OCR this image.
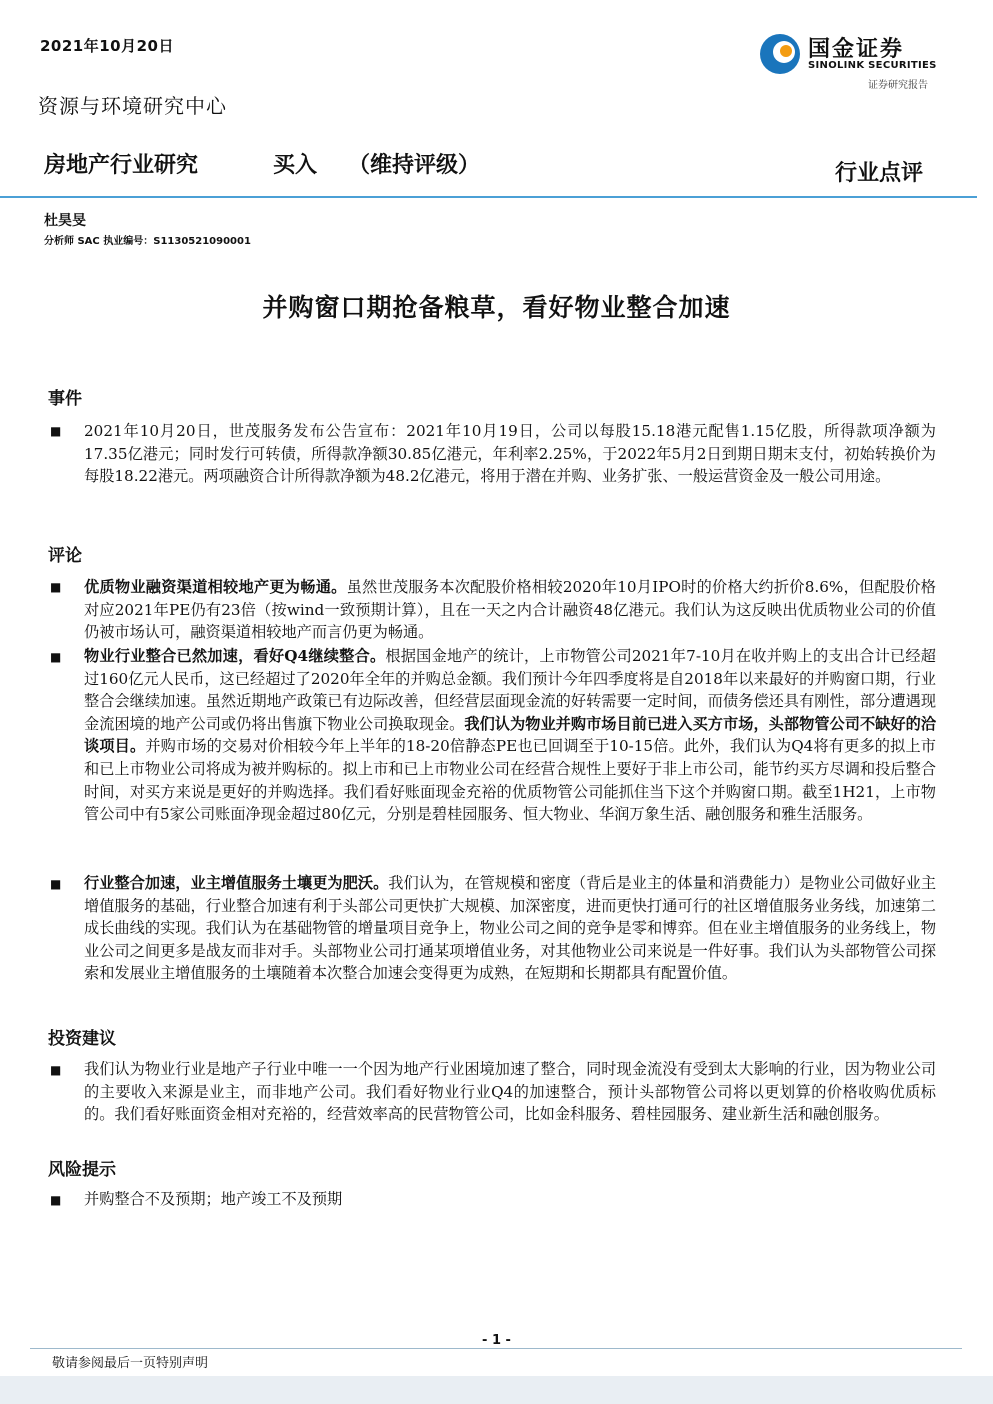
2021年10月20日	国金证券
SINOLINK SECURITIES
证券研究报告
资源与环境研究中心
房地产行业研究	买入 （维持评级）	行业点评
杜昊旻
分析师 SAC 执业编号：S1130521090001
并购窗口期抢备粮草，看好物业整合加速
事件
■ 2021年10月20日，世茂服务发布公告宣布：2021年10月19日，公司以每股15.18港元配售1.15亿股，所得款项净额为17.35亿港元；同时发行可转债，所得款净额30.85亿港元，年利率2.25%，于2022年5月2日到期日期末支付，初始转换价为每股18.22港元。两项融资合计所得款净额为48.2亿港元，将用于潜在并购、业务扩张、一般运营资金及一般公司用途。
评论
■ 优质物业融资渠道相较地产更为畅通。虽然世茂服务本次配股价格相较2020年10月IPO时的价格大约折价8.6%，但配股价格对应2021年PE仍有23倍（按wind一致预期计算），且在一天之内合计融资48亿港元。我们认为这反映出优质物业公司的价值仍被市场认可，融资渠道相较地产而言仍更为畅通。
■ 物业行业整合已然加速，看好Q4继续整合。根据国金地产的统计，上市物管公司2021年7-10月在收并购上的支出合计已经超过160亿元人民币，这已经超过了2020年全年的并购总金额。我们预计今年四季度将是自2018年以来最好的并购窗口期，行业整合会继续加速。虽然近期地产政策已有边际改善，但经营层面现金流的好转需要一定时间，而债务偿还具有刚性，部分遭遇现金流困境的地产公司或仍将出售旗下物业公司换取现金。我们认为物业并购市场目前已进入买方市场，头部物管公司不缺好的洽谈项目。并购市场的交易对价相较今年上半年的18-20倍静态PE也已回调至于10-15倍。此外，我们认为Q4将有更多的拟上市和已上市物业公司将成为被并购标的。拟上市和已上市物业公司在经营合规性上要好于非上市公司，能节约买方尽调和投后整合时间，对买方来说是更好的并购选择。我们看好账面现金充裕的优质物管公司能抓住当下这个并购窗口期。截至1H21，上市物管公司中有5家公司账面净现金超过80亿元，分别是碧桂园服务、恒大物业、华润万象生活、融创服务和雅生活服务。
■ 行业整合加速，业主增值服务土壤更为肥沃。我们认为，在管规模和密度（背后是业主的体量和消费能力）是物业公司做好业主增值服务的基础，行业整合加速有利于头部公司更快扩大规模、加深密度，进而更快打通可行的社区增值服务业务线，加速第二成长曲线的实现。我们认为在基础物管的增量项目竞争上，物业公司之间的竞争是零和博弈。但在业主增值服务的业务线上，物业公司之间更多是战友而非对手。头部物业公司打通某项增值业务，对其他物业公司来说是一件好事。我们认为头部物管公司探索和发展业主增值服务的土壤随着本次整合加速会变得更为成熟，在短期和长期都具有配置价值。
投资建议
■ 我们认为物业行业是地产子行业中唯一一个因为地产行业困境加速了整合，同时现金流没有受到太大影响的行业，因为物业公司的主要收入来源是业主，而非地产公司。我们看好物业行业Q4的加速整合，预计头部物管公司将以更划算的价格收购优质标的。我们看好账面资金相对充裕的，经营效率高的民营物管公司，比如金科服务、碧桂园服务、建业新生活和融创服务。
风险提示
■ 并购整合不及预期；地产竣工不及预期
- 1 -
敬请参阅最后一页特别声明
